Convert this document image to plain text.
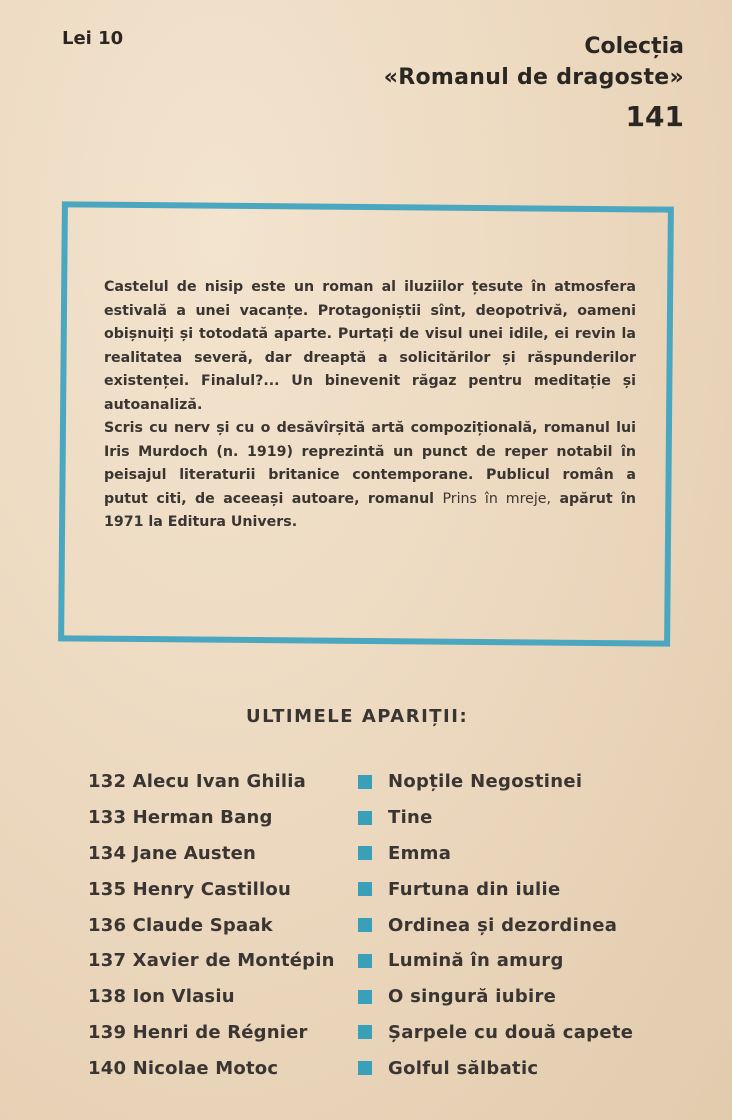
Lei 10	Colecția
«Romanul de dragoste»
141

Castelul de nisip este un roman al iluziilor țesute în atmosfera estivală a unei vacanțe. Protagoniștii sînt, deopotrivă, oameni obișnuiți și totodată aparte. Purtați de visul unei idile, ei revin la realitatea severă, dar dreaptă a solicitărilor și răspunderilor existenței. Finalul?... Un binevenit răgaz pentru meditație și autoanaliză.

Scris cu nerv și cu o desăvîrșită artă compozițională, romanul lui Iris Murdoch (n. 1919) reprezintă un punct de reper notabil în peisajul literaturii britanice contemporane. Publicul român a putut citi, de aceeași autoare, romanul Prins în mreje, apărut în 1971 la Editura Univers.

ULTIMELE APARIȚII:
132 Alecu Ivan Ghilia	Nopțile Negostinei
133 Herman Bang	Tine
134 Jane Austen	Emma
135 Henry Castillou	Furtuna din iulie
136 Claude Spaak	Ordinea și dezordinea
137 Xavier de Montépin	Lumină în amurg
138 Ion Vlasiu	O singură iubire
139 Henri de Régnier	Șarpele cu două capete
140 Nicolae Motoc	Golful sălbatic
